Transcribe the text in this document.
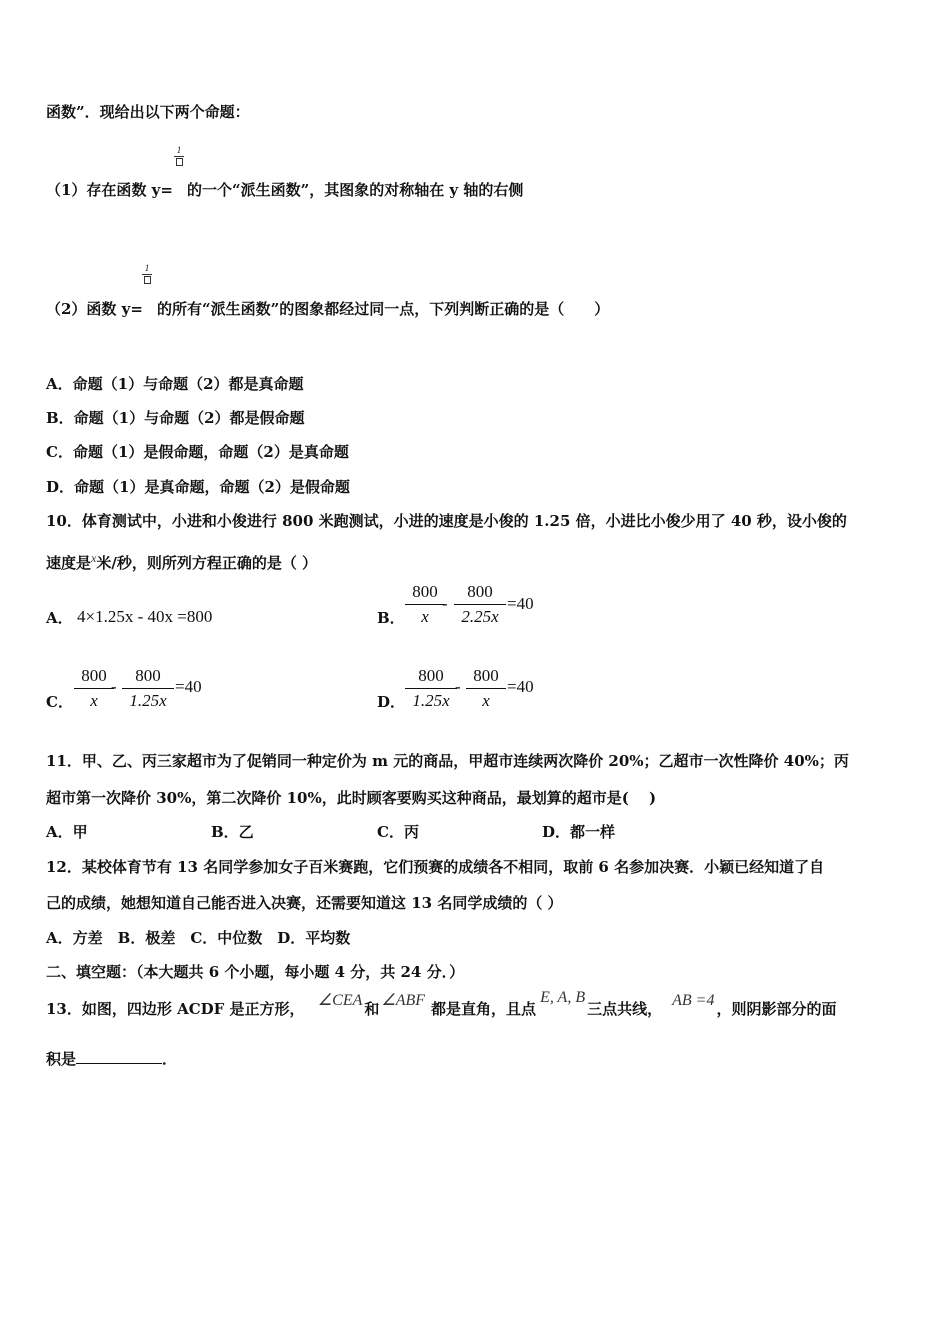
函数”．现给出以下两个命题：
1
（1）存在函数 y= 的一个“派生函数”，其图象的对称轴在 y 轴的右侧
1
（2）函数 y= 的所有“派生函数”的图象都经过同一点，下列判断正确的是（　　）
A．命题（1）与命题（2）都是真命题
B．命题（1）与命题（2）都是假命题
C．命题（1）是假命题，命题（2）是真命题
D．命题（1）是真命题，命题（2）是假命题
10．体育测试中，小进和小俊进行 800 米跑测试，小进的速度是小俊的 1.25 倍，小进比小俊少用了 40 秒，设小俊的
速度是$^x$米/秒，则所列方程正确的是（ ）
A． 4×1.25x - 40x =800	B． $\frac{800}{x}$
- $\frac{800}{2.25x} =40$
C． $\frac{800}{x}$
- $\frac{800}{1.25x} =40$
D． $\frac{800}{1.25x}$
- $\frac{800}{x} =40$
11．甲、乙、丙三家超市为了促销同一种定价为 m 元的商品，甲超市连续两次降价 20%；乙超市一次性降价 40%；丙
超市第一次降价 30%，第二次降价 10%，此时顾客要购买这种商品，最划算的超市是(　 )
A．甲	B．乙	C．丙	D．都一样
12．某校体育节有 13 名同学参加女子百米赛跑，它们预赛的成绩各不相同，取前 6 名参加决赛．小颖已经知道了自
己的成绩，她想知道自己能否进入决赛，还需要知道这 13 名同学成绩的（ ）
A．方差　B．极差　C．中位数　D．平均数
二、填空题：（本大题共 6 个小题，每小题 4 分，共 24 分．）
13．如图，四边形 ACDF 是正方形， ∠CEA 和 ∠ABF 都是直角，且点E, A, B三点共线， AB =4 ，则阴影部分的面
积是	．
